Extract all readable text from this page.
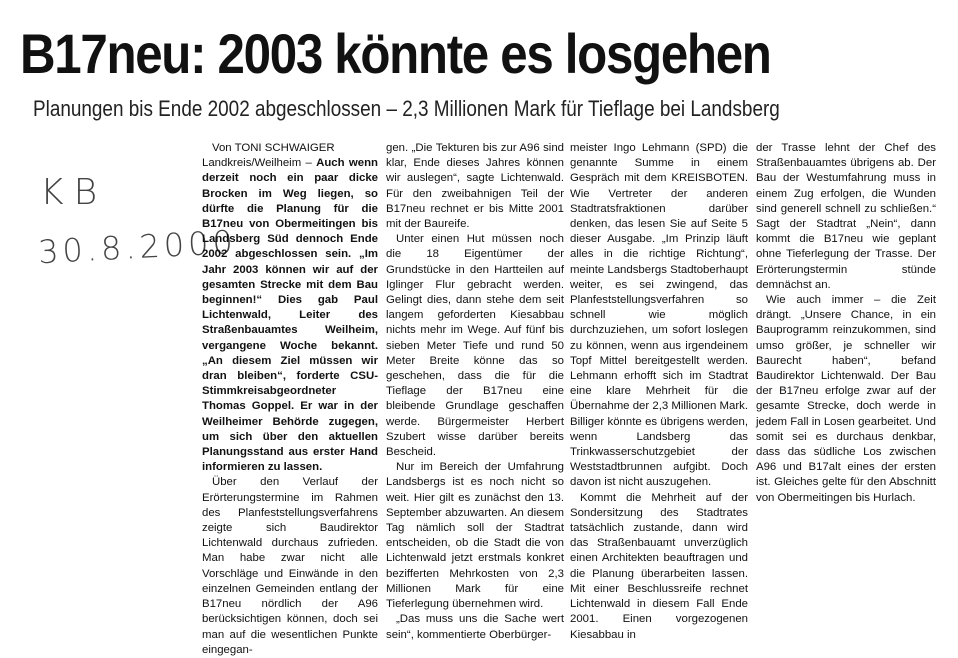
B17neu: 2003 könnte es losgehen
Planungen bis Ende 2002 abgeschlossen – 2,3 Millionen Mark für Tieflage bei Landsberg
KB
30.8.2000

Von TONI SCHWAIGER

Landkreis/Weilheim – Auch wenn derzeit noch ein paar dicke Brocken im Weg liegen, so dürfte die Planung für die B17neu von Obermeitingen bis Landsberg Süd dennoch Ende 2002 abgeschlossen sein. „Im Jahr 2003 können wir auf der gesamten Strecke mit dem Bau beginnen!“ Dies gab Paul Lichtenwald, Leiter des Straßenbauamtes Weilheim, vergangene Woche bekannt. „An diesem Ziel müssen wir dran bleiben“, forderte CSU-Stimmkreisabgeordneter Thomas Goppel. Er war in der Weilheimer Behörde zugegen, um sich über den aktuellen Planungsstand aus erster Hand informieren zu lassen.

Über den Verlauf der Erörterungstermine im Rahmen des Planfeststellungsverfahrens zeigte sich Baudirektor Lichtenwald durchaus zufrieden. Man habe zwar nicht alle Vorschläge und Einwände in den einzelnen Gemeinden entlang der B17neu nördlich der A96 berücksichtigen können, doch sei man auf die wesentlichen Punkte eingegan-

gen. „Die Tekturen bis zur A96 sind klar, Ende dieses Jahres können wir auslegen“, sagte Lichtenwald. Für den zweibahnigen Teil der B17neu rechnet er bis Mitte 2001 mit der Baureife.

Unter einen Hut müssen noch die 18 Eigentümer der Grundstücke in den Hartteilen auf Iglinger Flur gebracht werden. Gelingt dies, dann stehe dem seit langem geforderten Kiesabbau nichts mehr im Wege. Auf fünf bis sieben Meter Tiefe und rund 50 Meter Breite könne das so geschehen, dass die für die Tieflage der B17neu eine bleibende Grundlage geschaffen werde. Bürgermeister Herbert Szubert wisse darüber bereits Bescheid.

Nur im Bereich der Umfahrung Landsbergs ist es noch nicht so weit. Hier gilt es zunächst den 13. September abzuwarten. An diesem Tag nämlich soll der Stadtrat entscheiden, ob die Stadt die von Lichtenwald jetzt erstmals konkret bezifferten Mehrkosten von 2,3 Millionen Mark für eine Tieferlegung übernehmen wird.

„Das muss uns die Sache wert sein“, kommentierte Oberbürger-

meister Ingo Lehmann (SPD) die genannte Summe in einem Gespräch mit dem KREISBOTEN. Wie Vertreter der anderen Stadtratsfraktionen darüber denken, das lesen Sie auf Seite 5 dieser Ausgabe. „Im Prinzip läuft alles in die richtige Richtung“, meinte Landsbergs Stadtoberhaupt weiter, es sei zwingend, das Planfeststellungsverfahren so schnell wie möglich durchzuziehen, um sofort loslegen zu können, wenn aus irgendeinem Topf Mittel bereitgestellt werden. Lehmann erhofft sich im Stadtrat eine klare Mehrheit für die Übernahme der 2,3 Millionen Mark. Billiger könnte es übrigens werden, wenn Landsberg das Trinkwasserschutzgebiet der Weststadtbrunnen aufgibt. Doch davon ist nicht auszugehen.

Kommt die Mehrheit auf der Sondersitzung des Stadtrates tatsächlich zustande, dann wird das Straßenbauamt unverzüglich einen Architekten beauftragen und die Planung überarbeiten lassen. Mit einer Beschlussreife rechnet Lichtenwald in diesem Fall Ende 2001. Einen vorgezogenen Kiesabbau in

der Trasse lehnt der Chef des Straßenbauamtes übrigens ab. Der Bau der Westumfahrung muss in einem Zug erfolgen, die Wunden sind generell schnell zu schließen.“ Sagt der Stadtrat „Nein“, dann kommt die B17neu wie geplant ohne Tieferlegung der Trasse. Der Erörterungstermin stünde demnächst an.

Wie auch immer – die Zeit drängt. „Unsere Chance, in ein Bauprogramm reinzukommen, sind umso größer, je schneller wir Baurecht haben“, befand Baudirektor Lichtenwald. Der Bau der B17neu erfolge zwar auf der gesamte Strecke, doch werde in jedem Fall in Losen gearbeitet. Und somit sei es durchaus denkbar, dass das südliche Los zwischen A96 und B17alt eines der ersten ist. Gleiches gelte für den Abschnitt von Obermeitingen bis Hurlach.
